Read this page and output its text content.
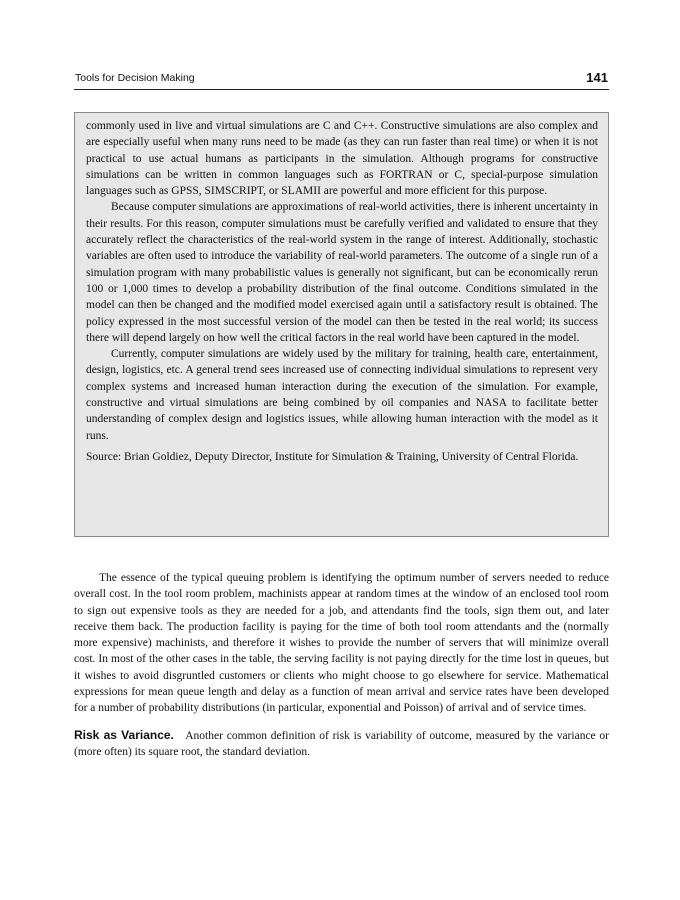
Tools for Decision Making	141

commonly used in live and virtual simulations are C and C++. Constructive simulations are also complex and are especially useful when many runs need to be made (as they can run faster than real time) or when it is not practical to use actual humans as participants in the simulation. Although programs for constructive simulations can be written in common languages such as FORTRAN or C, special-purpose simulation languages such as GPSS, SIMSCRIPT, or SLAMII are powerful and more efficient for this purpose.

Because computer simulations are approximations of real-world activities, there is inherent uncertainty in their results. For this reason, computer simulations must be carefully verified and validated to ensure that they accurately reflect the characteristics of the real-world system in the range of interest. Additionally, stochastic variables are often used to introduce the variability of real-world parameters. The outcome of a single run of a simulation program with many probabilistic values is generally not significant, but can be economically rerun 100 or 1,000 times to develop a probability distribution of the final outcome. Conditions simulated in the model can then be changed and the modified model exercised again until a satisfactory result is obtained. The policy expressed in the most successful version of the model can then be tested in the real world; its success there will depend largely on how well the critical factors in the real world have been captured in the model.

Currently, computer simulations are widely used by the military for training, health care, entertainment, design, logistics, etc. A general trend sees increased use of connecting individual simulations to represent very complex systems and increased human interaction during the execution of the simulation. For example, constructive and virtual simulations are being combined by oil companies and NASA to facilitate better understanding of complex design and logistics issues, while allowing human interaction with the model as it runs.

Source: Brian Goldiez, Deputy Director, Institute for Simulation & Training, University of Central Florida.

The essence of the typical queuing problem is identifying the optimum number of servers needed to reduce overall cost. In the tool room problem, machinists appear at random times at the window of an enclosed tool room to sign out expensive tools as they are needed for a job, and attendants find the tools, sign them out, and later receive them back. The production facility is paying for the time of both tool room attendants and the (normally more expensive) machinists, and therefore it wishes to provide the number of servers that will minimize overall cost. In most of the other cases in the table, the serving facility is not paying directly for the time lost in queues, but it wishes to avoid disgruntled customers or clients who might choose to go elsewhere for service. Mathematical expressions for mean queue length and delay as a function of mean arrival and service rates have been developed for a number of probability distributions (in particular, exponential and Poisson) of arrival and of service times.

Risk as Variance. Another common definition of risk is variability of outcome, measured by the variance or (more often) its square root, the standard deviation.
